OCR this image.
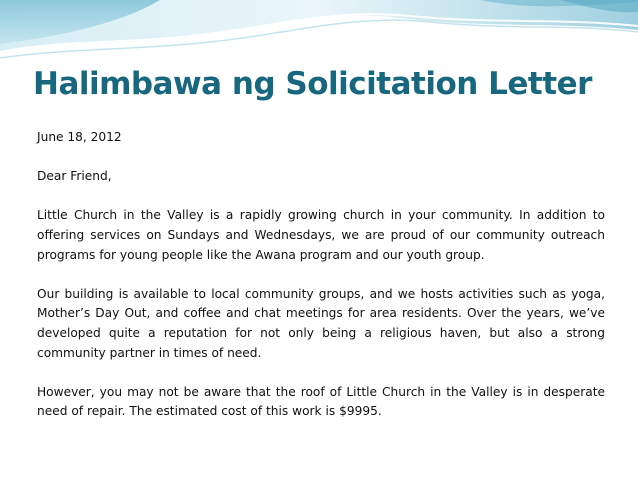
Halimbawa ng Solicitation Letter

June 18, 2012

Dear Friend,

Little Church in the Valley is a rapidly growing church in your community. In addition to offering services on Sundays and Wednesdays, we are proud of our community outreach programs for young people like the Awana program and our youth group.

Our building is available to local community groups, and we hosts activities such as yoga, Mother’s Day Out, and coffee and chat meetings for area residents. Over the years, we’ve developed quite a reputation for not only being a religious haven, but also a strong community partner in times of need.

However, you may not be aware that the roof of Little Church in the Valley is in desperate need of repair. The estimated cost of this work is $9995.
